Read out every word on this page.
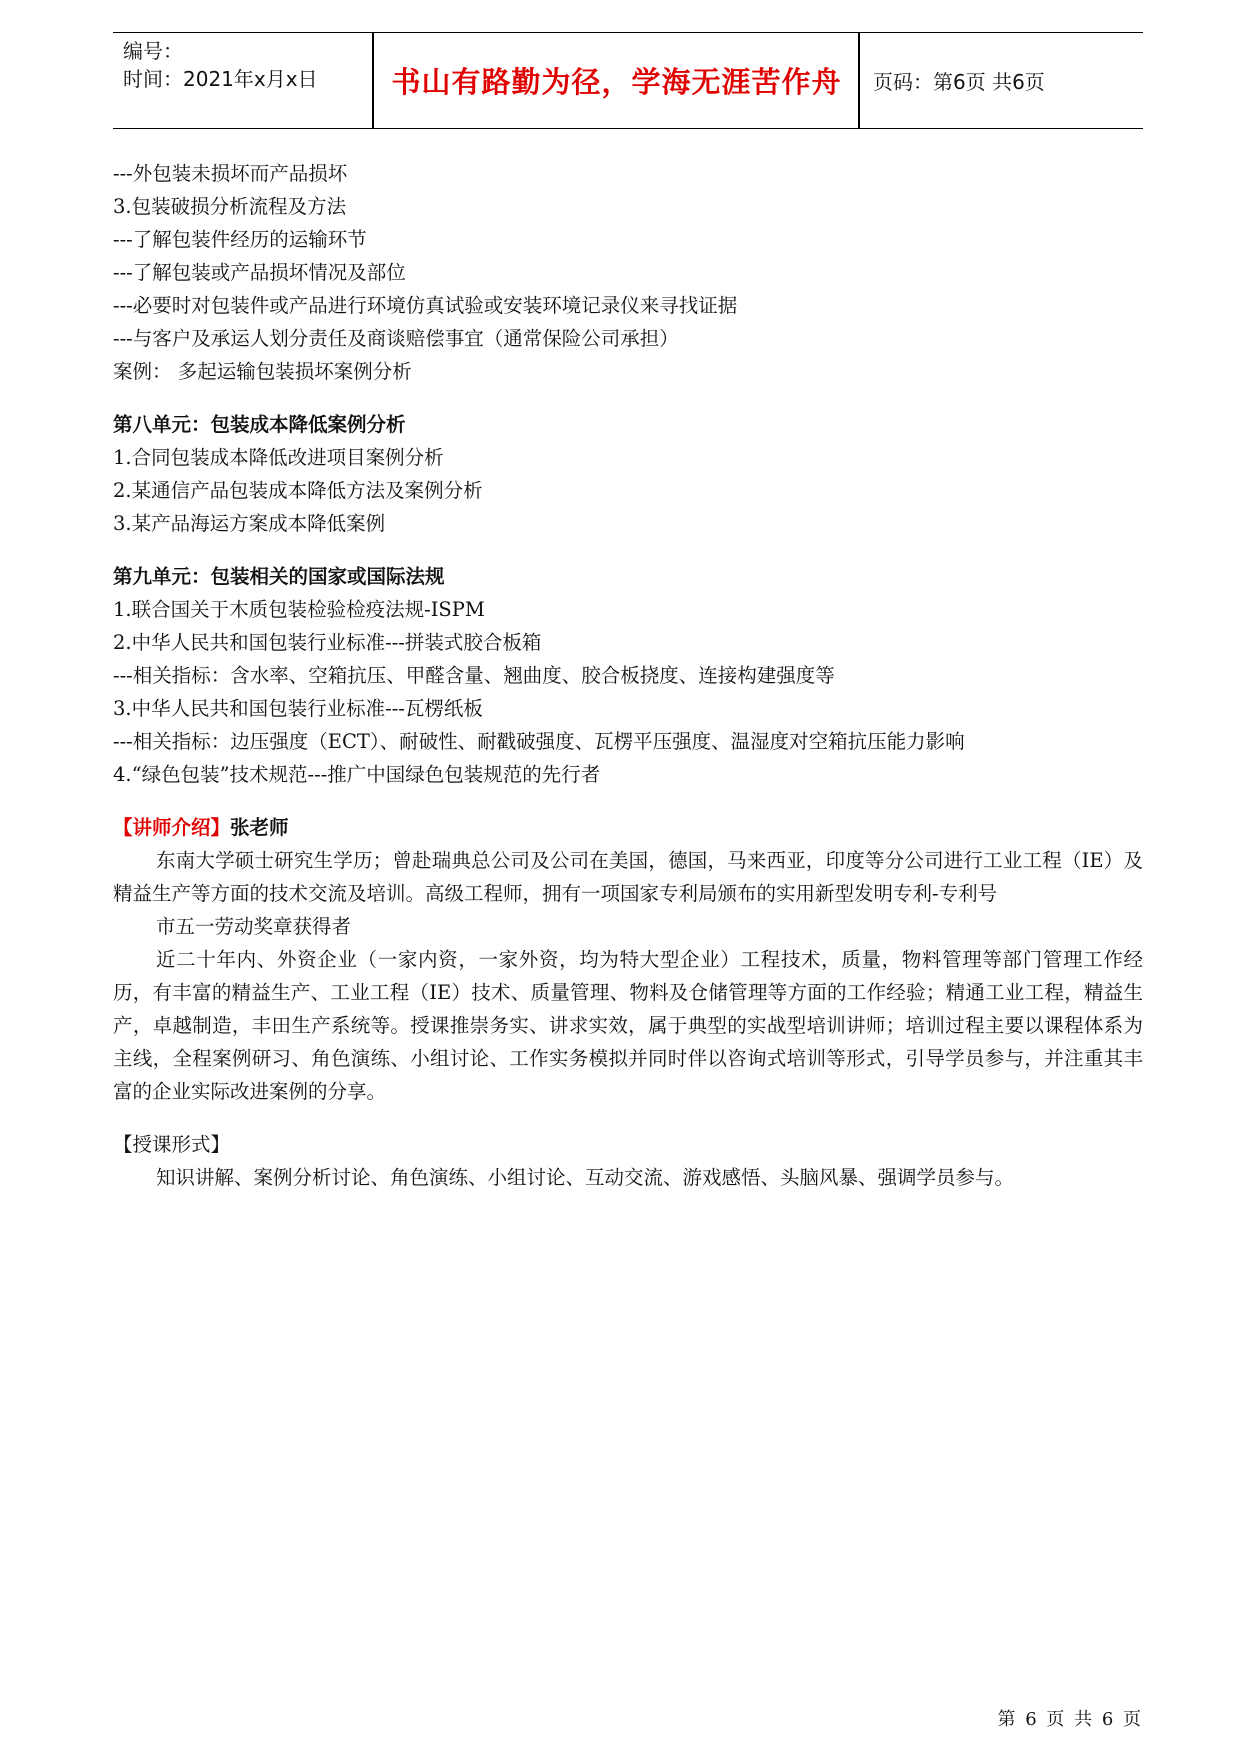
编号：
时间：2021年x月x日	书山有路勤为径，学海无涯苦作舟	页码：第6页 共6页
---外包装未损坏而产品损坏
3.包装破损分析流程及方法
---了解包装件经历的运输环节
---了解包装或产品损坏情况及部位
---必要时对包装件或产品进行环境仿真试验或安装环境记录仪来寻找证据
---与客户及承运人划分责任及商谈赔偿事宜（通常保险公司承担）
案例： 多起运输包装损坏案例分析
第八单元：包装成本降低案例分析
1.合同包装成本降低改进项目案例分析
2.某通信产品包装成本降低方法及案例分析
3.某产品海运方案成本降低案例
第九单元：包装相关的国家或国际法规
1.联合国关于木质包装检验检疫法规-ISPM
2.中华人民共和国包装行业标准---拼装式胶合板箱
---相关指标：含水率、空箱抗压、甲醛含量、翘曲度、胶合板挠度、连接构建强度等
3.中华人民共和国包装行业标准---瓦楞纸板
---相关指标：边压强度（ECT）、耐破性、耐戳破强度、瓦楞平压强度、温湿度对空箱抗压能力影响
4.“绿色包装”技术规范---推广中国绿色包装规范的先行者
【讲师介绍】张老师

东南大学硕士研究生学历；曾赴瑞典总公司及公司在美国，德国，马来西亚，印度等分公司进行工业工程（IE）及精益生产等方面的技术交流及培训。高级工程师，拥有一项国家专利局颁布的实用新型发明专利-专利号

市五一劳动奖章获得者

近二十年内、外资企业（一家内资，一家外资，均为特大型企业）工程技术，质量，物料管理等部门管理工作经历，有丰富的精益生产、工业工程（IE）技术、质量管理、物料及仓储管理等方面的工作经验；精通工业工程，精益生产，卓越制造，丰田生产系统等。授课推崇务实、讲求实效，属于典型的实战型培训讲师；培训过程主要以课程体系为主线，全程案例研习、角色演练、小组讨论、工作实务模拟并同时伴以咨询式培训等形式，引导学员参与，并注重其丰富的企业实际改进案例的分享。

【授课形式】
知识讲解、案例分析讨论、角色演练、小组讨论、互动交流、游戏感悟、头脑风暴、强调学员参与。
第 6 页 共 6 页
